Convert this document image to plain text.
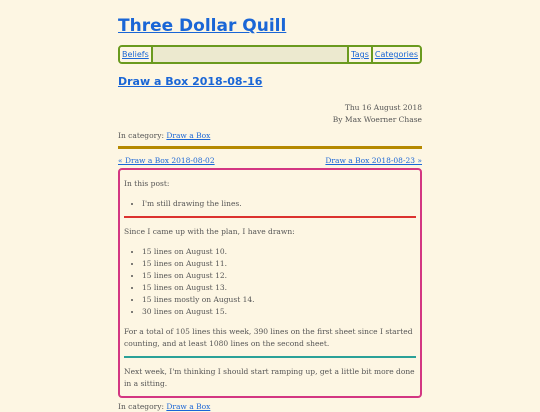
Three Dollar Quill
Beliefs	Tags Categories
Draw a Box 2018-08-16
Thu 16 August 2018
By Max Woerner Chase
In category: Draw a Box
« Draw a Box 2018-08-02	Draw a Box 2018-08-23 »

In this post:

• I'm still drawing the lines.

Since I came up with the plan, I have drawn:

• 15 lines on August 10.
• 15 lines on August 11.
• 15 lines on August 12.
• 15 lines on August 13.
• 15 lines mostly on August 14.
• 30 lines on August 15.

For a total of 105 lines this week, 390 lines on the first sheet since I started counting, and at least 1080 lines on the second sheet.

Next week, I'm thinking I should start ramping up, get a little bit more done in a sitting.

In category: Draw a Box
